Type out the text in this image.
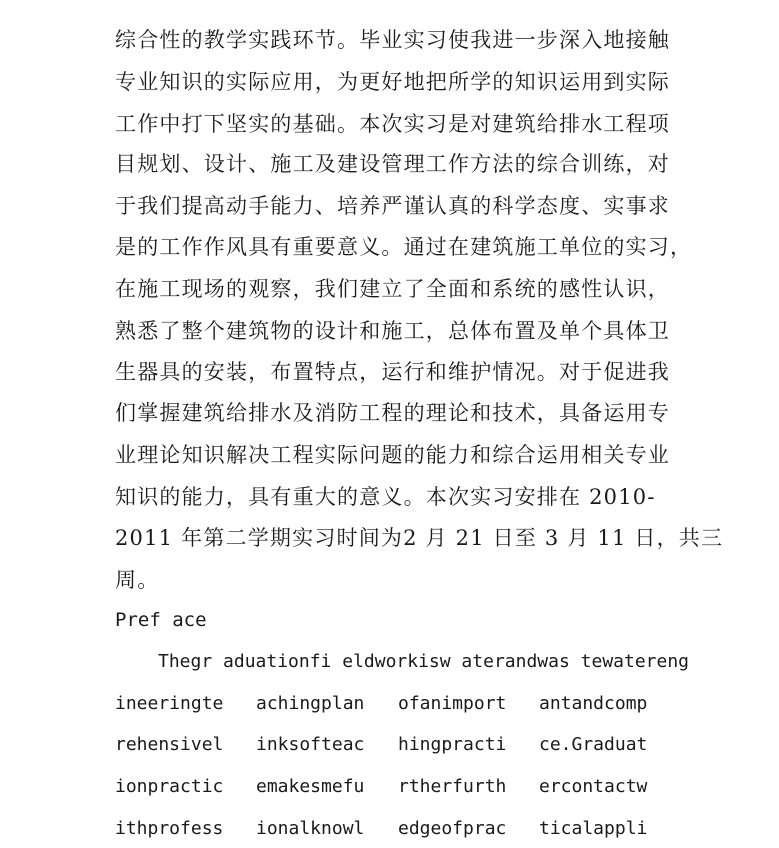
综合性的教学实践环节。毕业实习使我进一步深入地接触
专业知识的实际应用，为更好地把所学的知识运用到实际
工作中打下坚实的基础。本次实习是对建筑给排水工程项
目规划、设计、施工及建设管理工作方法的综合训练，对
于我们提高动手能力、培养严谨认真的科学态度、实事求
是的工作作风具有重要意义。通过在建筑施工单位的实习，
在施工现场的观察，我们建立了全面和系统的感性认识，
熟悉了整个建筑物的设计和施工，总体布置及单个具体卫
生器具的安装，布置特点，运行和维护情况。对于促进我
们掌握建筑给排水及消防工程的理论和技术，具备运用专
业理论知识解决工程实际问题的能力和综合运用相关专业
知识的能力，具有重大的意义。本次实习安排在 2010-
2011 年第二学期实习时间为2 月 21 日至 3 月 11 日，共三
周。
Pref ace
Thegr aduationfi eldworkisw aterandwas tewatereng
ineeringte achingplan ofanimport antandcomp
rehensivel inksofteac hingpracti ce.Graduat
ionpractic emakesmefu rtherfurth ercontactw
ithprofess ionalknowl edgeofprac ticalappli
